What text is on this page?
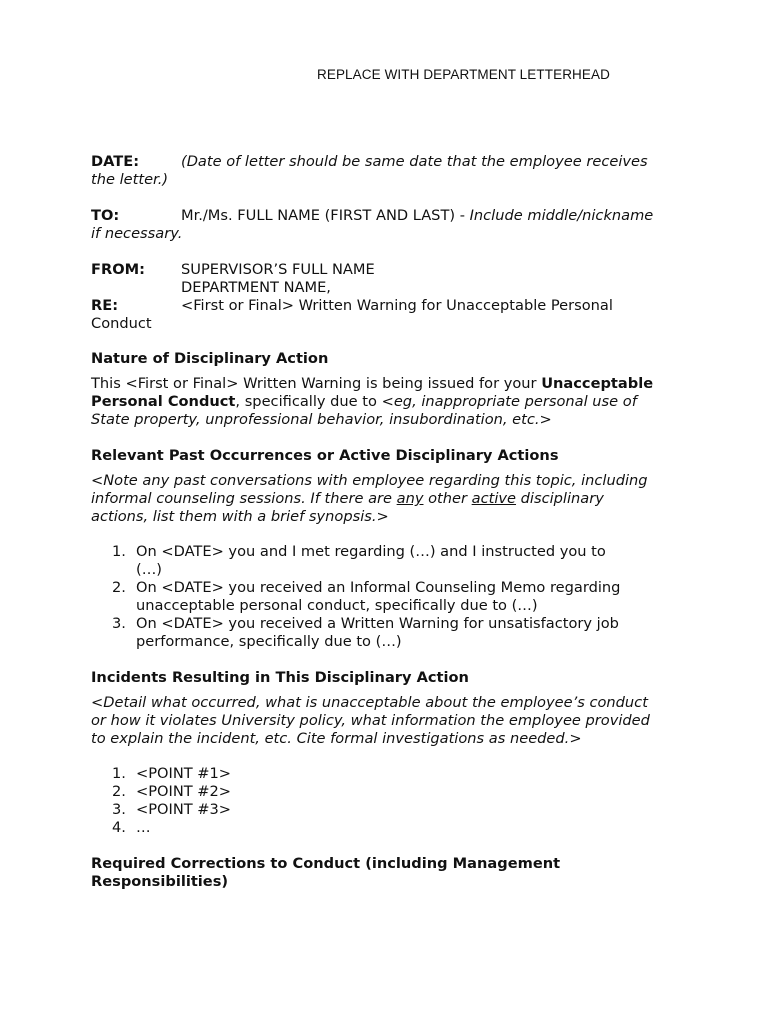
REPLACE WITH DEPARTMENT LETTERHEAD
DATE:	(Date of letter should be same date that the employee receives
the letter.)
TO:	Mr./Ms. FULL NAME (FIRST AND LAST) - Include middle/nickname
if necessary.
FROM: SUPERVISOR’S FULL NAME
DEPARTMENT NAME,
RE:	<First or Final> Written Warning for Unacceptable Personal
Conduct
Nature of Disciplinary Action
This <First or Final> Written Warning is being issued for your Unacceptable
Personal Conduct, specifically due to <eg, inappropriate personal use of
State property, unprofessional behavior, insubordination, etc.>
Relevant Past Occurrences or Active Disciplinary Actions
<Note any past conversations with employee regarding this topic, including
informal counseling sessions. If there are any other active disciplinary
actions, list them with a brief synopsis.>
1. On <DATE> you and I met regarding (…) and I instructed you to
(…)
2. On <DATE> you received an Informal Counseling Memo regarding
unacceptable personal conduct, specifically due to (…)
3. On <DATE> you received a Written Warning for unsatisfactory job
performance, specifically due to (…)
Incidents Resulting in This Disciplinary Action
<Detail what occurred, what is unacceptable about the employee’s conduct
or how it violates University policy, what information the employee provided
to explain the incident, etc. Cite formal investigations as needed.>
1. <POINT #1>
2. <POINT #2>
3. <POINT #3>
4. …
Required Corrections to Conduct (including Management
Responsibilities)
